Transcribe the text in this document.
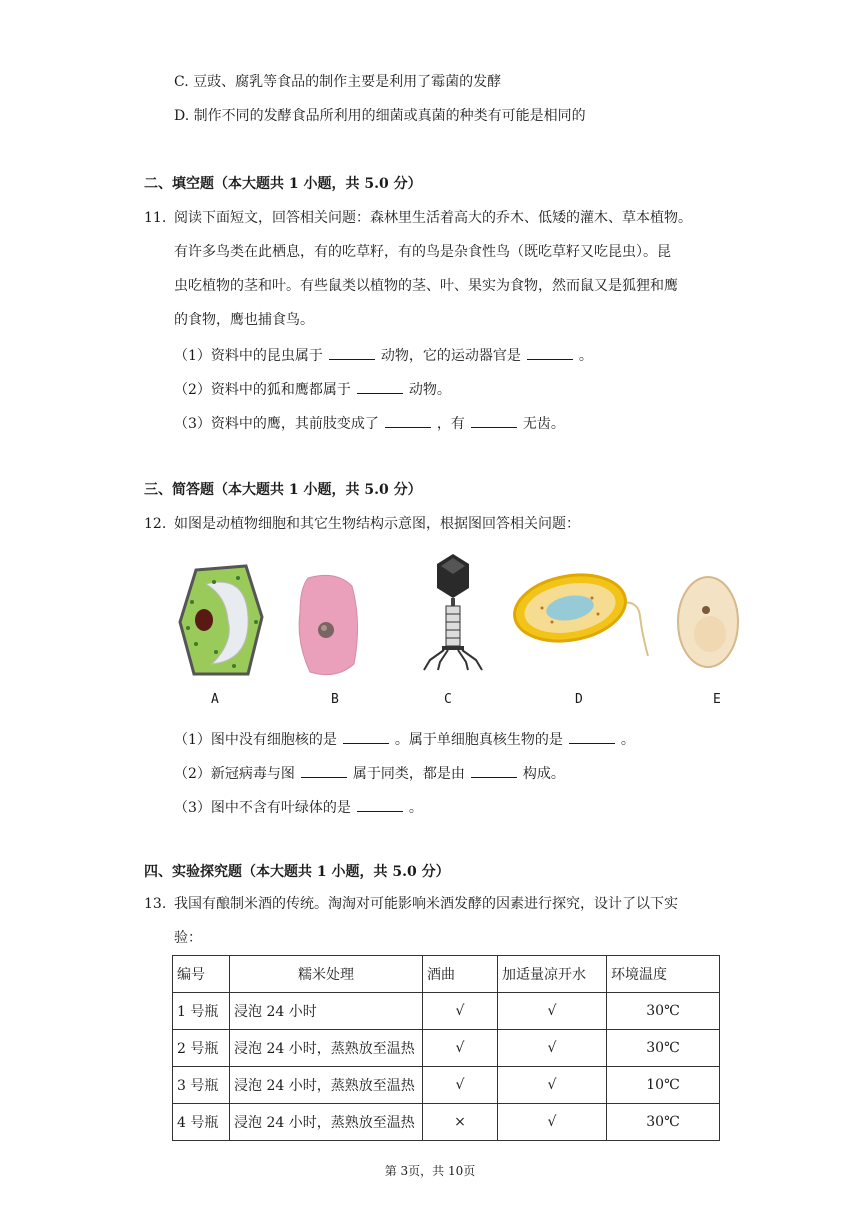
C. 豆豉、腐乳等食品的制作主要是利用了霉菌的发酵
D. 制作不同的发酵食品所利用的细菌或真菌的种类有可能是相同的
二、填空题（本大题共 1 小题，共 5.0 分）
11. 阅读下面短文，回答相关问题：森林里生活着高大的乔木、低矮的灌木、草本植物。
有许多鸟类在此栖息，有的吃草籽，有的鸟是杂食性鸟（既吃草籽又吃昆虫）。昆
虫吃植物的茎和叶。有些鼠类以植物的茎、叶、果实为食物，然而鼠又是狐狸和鹰
的食物，鹰也捕食鸟。
（1）资料中的昆虫属于	动物，它的运动器官是	。
（2）资料中的狐和鹰都属于	动物。
（3）资料中的鹰，其前肢变成了	，有	无齿。
三、简答题（本大题共 1 小题，共 5.0 分）
12. 如图是动植物细胞和其它生物结构示意图，根据图回答相关问题：
A	B	C	D	E
（1）图中没有细胞核的是	。属于单细胞真核生物的是	。
（2）新冠病毒与图	属于同类，都是由	构成。
（3）图中不含有叶绿体的是	。
四、实验探究题（本大题共 1 小题，共 5.0 分）
13. 我国有酿制米酒的传统。淘淘对可能影响米酒发酵的因素进行探究，设计了以下实
验：
编号	糯米处理	酒曲	加适量凉开水	环境温度
1 号瓶	浸泡 24 小时	√	√	30℃
2 号瓶	浸泡 24 小时，蒸熟放至温热	√	√	30℃
3 号瓶	浸泡 24 小时，蒸熟放至温热	√	√	10℃
4 号瓶	浸泡 24 小时，蒸熟放至温热	×	√	30℃
第 3页，共 10页
